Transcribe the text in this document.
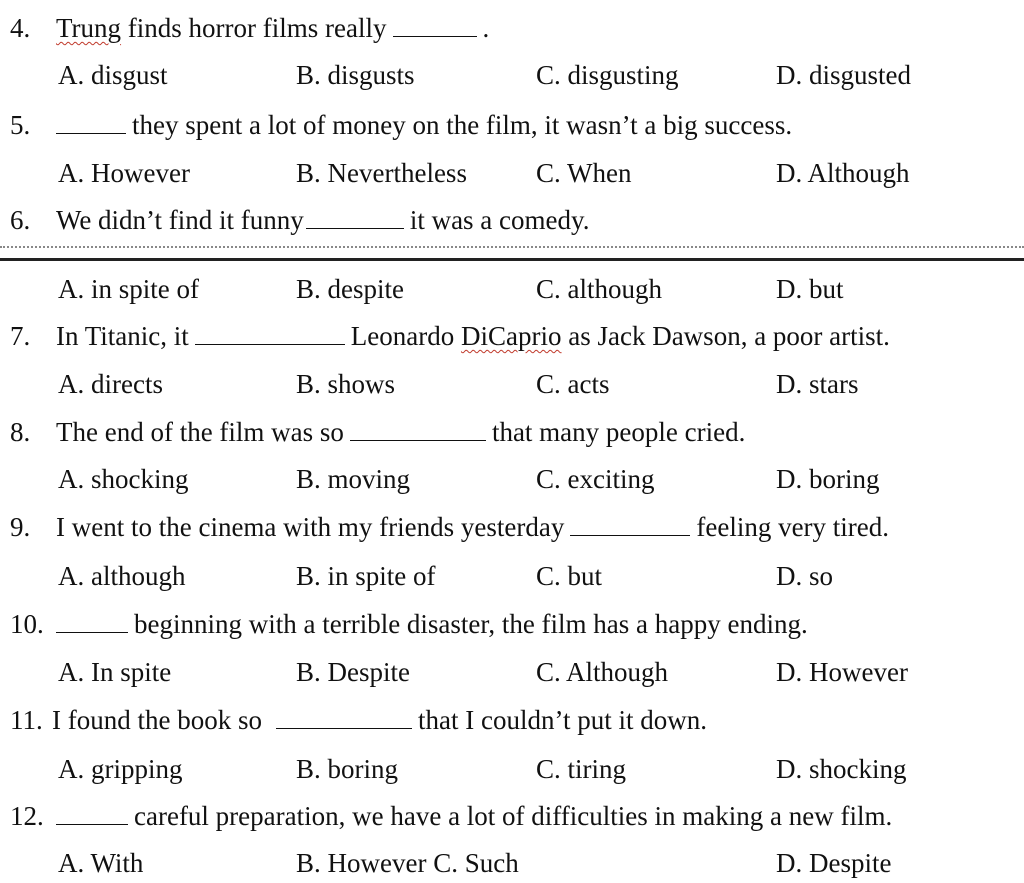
4. Trung finds horror films really	.
A. disgust	B. disgusts	C. disgusting	D. disgusted
5.	they spent a lot of money on the film, it wasn’t a big success.
A. However	B. Nevertheless	C. When	D. Although
6. We didn’t find it funny	it was a comedy.
A. in spite of	B. despite	C. although	D. but
7. In Titanic, it	Leonardo DiCaprio as Jack Dawson, a poor artist.
A. directs	B. shows	C. acts	D. stars
8. The end of the film was so	that many people cried.
A. shocking	B. moving	C. exciting	D. boring
9. I went to the cinema with my friends yesterday	feeling very tired.
A. although	B. in spite of	C. but	D. so
10.	beginning with a terrible disaster, the film has a happy ending.
A. In spite	B. Despite	C. Although	D. However
11. I found the book so	that I couldn’t put it down.
A. gripping	B. boring	C. tiring	D. shocking
12.	careful preparation, we have a lot of difficulties in making a new film.
A. With	B. However C. Such	D. Despite
